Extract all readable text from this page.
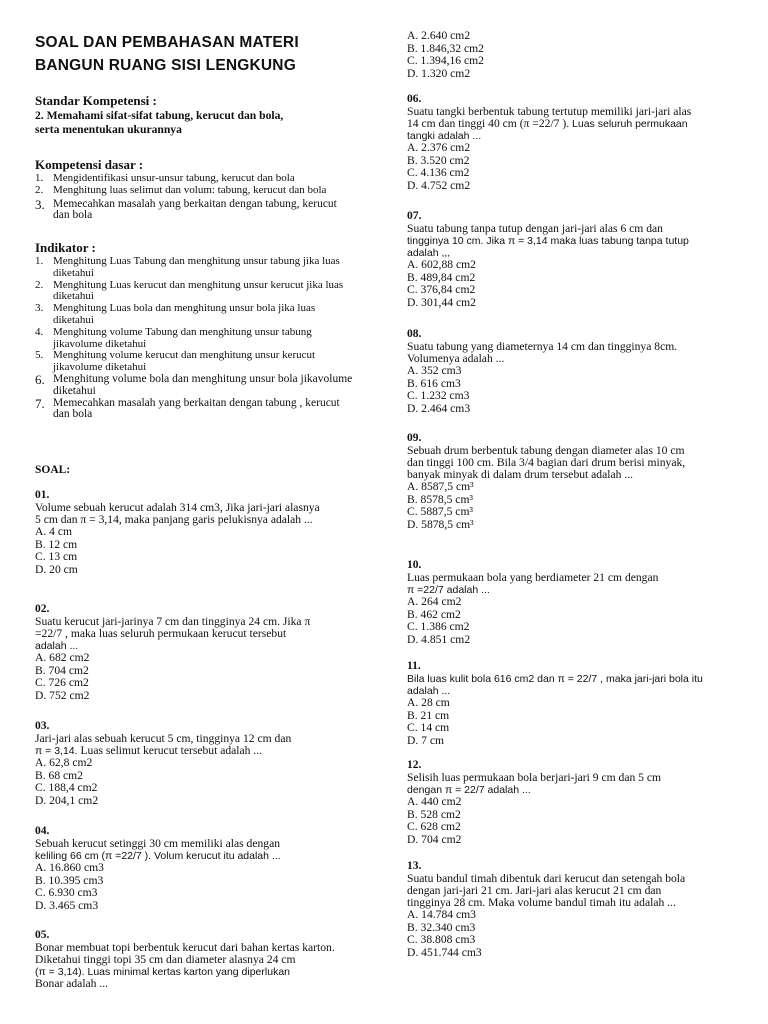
SOAL DAN PEMBAHASAN MATERI
BANGUN RUANG SISI LENGKUNG
Standar Kompetensi :
2. Memahami sifat-sifat tabung, kerucut dan bola,
serta menentukan ukurannya
Kompetensi dasar :
1. Mengidentifikasi unsur-unsur tabung, kerucut dan bola
2. Menghitung luas selimut dan volum: tabung, kerucut dan bola
3. Memecahkan masalah yang berkaitan dengan tabung, kerucut dan bola
Indikator :
1. Menghitung Luas Tabung dan menghitung unsur tabung jika luas diketahui
2. Menghitung Luas kerucut dan menghitung unsur kerucut jika luas diketahui
3. Menghitung Luas bola dan menghitung unsur bola jika luas diketahui
4. Menghitung volume Tabung dan menghitung unsur tabung jikavolume diketahui
5. Menghitung volume kerucut dan menghitung unsur kerucut jikavolume diketahui
6. Menghitung volume bola dan menghitung unsur bola jikavolume diketahui
7. Memecahkan masalah yang berkaitan dengan tabung , kerucut dan bola
SOAL:
01.
Volume sebuah kerucut adalah 314 cm3, Jika jari-jari alasnya 5 cm dan π = 3,14, maka panjang garis pelukisnya adalah ...
A. 4 cm
B. 12 cm
C. 13 cm
D. 20 cm
02.
Suatu kerucut jari-jarinya 7 cm dan tingginya 24 cm. Jika π =22/7 , maka luas seluruh permukaan kerucut tersebut
adalah ...
A. 682 cm2
B. 704 cm2
C. 726 cm2
D. 752 cm2
03.
Jari-jari alas sebuah kerucut 5 cm, tingginya 12 cm dan
π = 3,14. Luas selimut kerucut tersebut adalah ...
A. 62,8 cm2
B. 68 cm2
C. 188,4 cm2
D. 204,1 cm2
04.
Sebuah kerucut setinggi 30 cm memiliki alas dengan
keliling 66 cm (π =22/7 ). Volum kerucut itu adalah ...
A. 16.860 cm3
B. 10.395 cm3
C. 6.930 cm3
D. 3.465 cm3
05.
Bonar membuat topi berbentuk kerucut dari bahan kertas karton. Diketahui tinggi topi 35 cm dan diameter alasnya 24 cm
(π = 3,14). Luas minimal kertas karton yang diperlukan
Bonar adalah ...
A. 2.640 cm2
B. 1.846,32 cm2
C. 1.394,16 cm2
D. 1.320 cm2
06.
Suatu tangki berbentuk tabung tertutup memiliki jari-jari alas 14 cm dan tinggi 40 cm (π =22/7 ). Luas seluruh permukaan tangki adalah ...
A. 2.376 cm2
B. 3.520 cm2
C. 4.136 cm2
D. 4.752 cm2
07.
Suatu tabung tanpa tutup dengan jari-jari alas 6 cm dan
tingginya 10 cm. Jika π = 3,14 maka luas tabung tanpa tutup adalah ,,,
A. 602,88 cm2
B. 489,84 cm2
C. 376,84 cm2
D. 301,44 cm2
08.
Suatu tabung yang diameternya 14 cm dan tingginya 8cm. Volumenya adalah ...
A. 352 cm3
B. 616 cm3
C. 1.232 cm3
D. 2.464 cm3
09.
Sebuah drum berbentuk tabung dengan diameter alas 10 cm dan tinggi 100 cm. Bila 3/4 bagian dari drum berisi minyak, banyak minyak di dalam drum tersebut adalah ...
A. 8587,5 cm³
B. 8578,5 cm³
C. 5887,5 cm³
D. 5878,5 cm³
10.
Luas permukaan bola yang berdiameter 21 cm dengan
π =22/7 adalah ...
A. 264 cm2
B. 462 cm2
C. 1.386 cm2
D. 4.851 cm2
11.
Bila luas kulit bola 616 cm2 dan π = 22/7 , maka jari-jari bola itu adalah ...
A. 28 cm
B. 21 cm
C. 14 cm
D. 7 cm
12.
Selisih luas permukaan bola berjari-jari 9 cm dan 5 cm
dengan π = 22/7 adalah ...
A. 440 cm2
B. 528 cm2
C. 628 cm2
D. 704 cm2
13.
Suatu bandul timah dibentuk dari kerucut dan setengah bola dengan jari-jari 21 cm. Jari-jari alas kerucut 21 cm dan tingginya 28 cm. Maka volume bandul timah itu adalah ...
A. 14.784 cm3
B. 32.340 cm3
C. 38.808 cm3
D. 451.744 cm3
